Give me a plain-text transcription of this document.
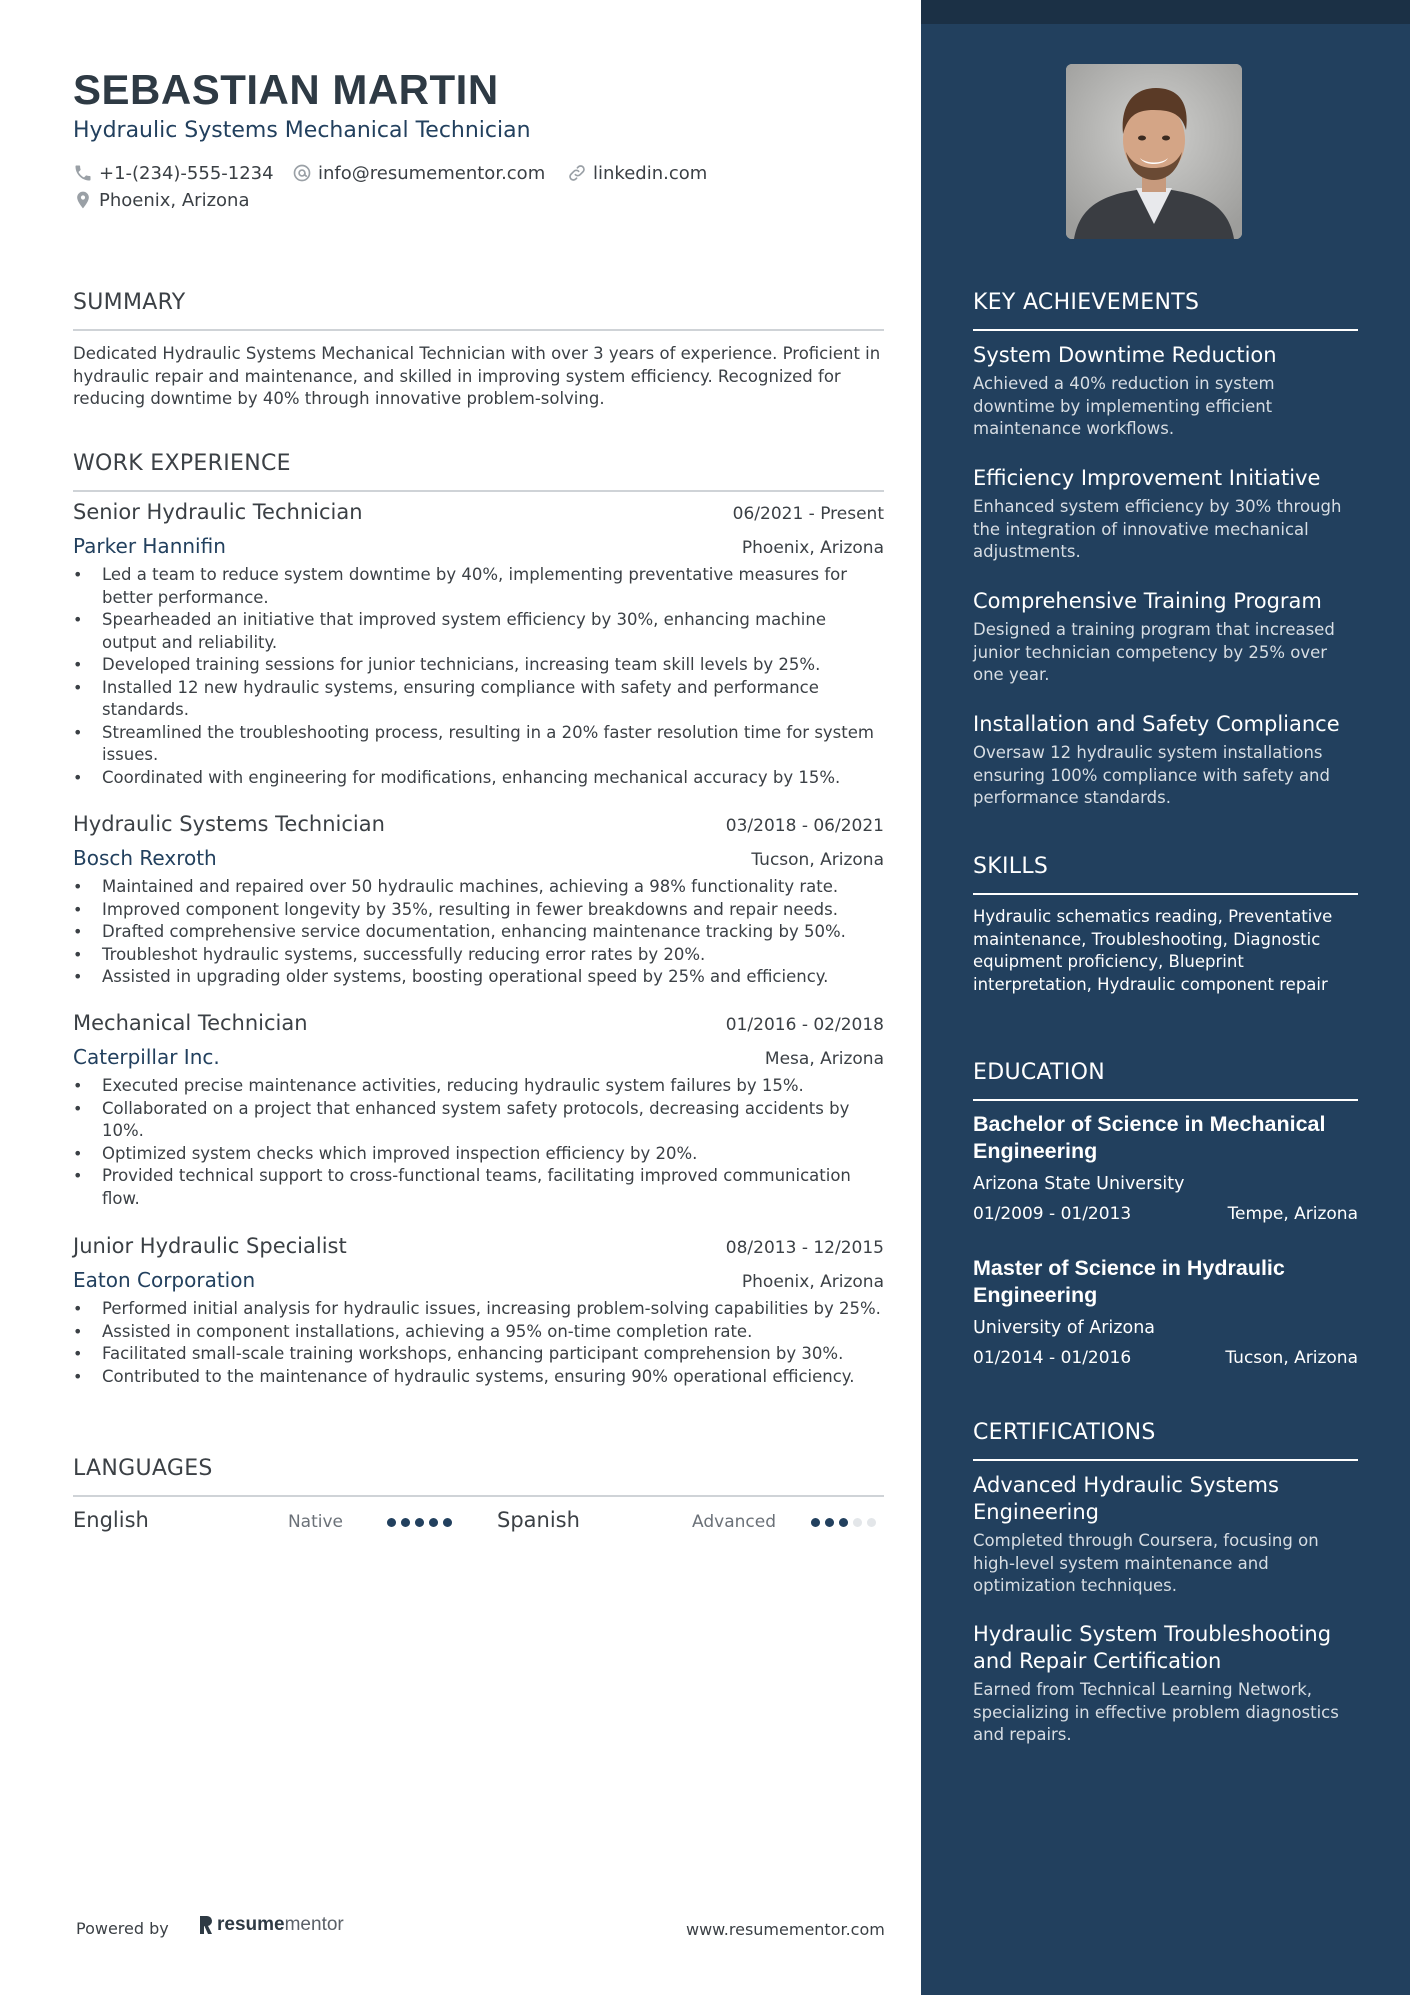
SEBASTIAN MARTIN
Hydraulic Systems Mechanical Technician
+1-(234)-555-1234 info@resumementor.com	linkedin.com
Phoenix, Arizona
SUMMARY
Dedicated Hydraulic Systems Mechanical Technician with over 3 years of experience. Proficient in hydraulic repair and maintenance, and skilled in improving system efficiency. Recognized for reducing downtime by 40% through innovative problem-solving.
WORK EXPERIENCE
Senior Hydraulic Technician	06/2021 - Present
Parker Hannifin	Phoenix, Arizona
• Led a team to reduce system downtime by 40%, implementing preventative measures for better performance.
• Spearheaded an initiative that improved system efficiency by 30%, enhancing machine output and reliability.
• Developed training sessions for junior technicians, increasing team skill levels by 25%.
• Installed 12 new hydraulic systems, ensuring compliance with safety and performance standards.
• Streamlined the troubleshooting process, resulting in a 20% faster resolution time for system issues.
• Coordinated with engineering for modifications, enhancing mechanical accuracy by 15%.
Hydraulic Systems Technician	03/2018 - 06/2021
Bosch Rexroth	Tucson, Arizona
• Maintained and repaired over 50 hydraulic machines, achieving a 98% functionality rate.
• Improved component longevity by 35%, resulting in fewer breakdowns and repair needs.
• Drafted comprehensive service documentation, enhancing maintenance tracking by 50%.
• Troubleshot hydraulic systems, successfully reducing error rates by 20%.
• Assisted in upgrading older systems, boosting operational speed by 25% and efficiency.
Mechanical Technician	01/2016 - 02/2018
Caterpillar Inc.	Mesa, Arizona
• Executed precise maintenance activities, reducing hydraulic system failures by 15%.
• Collaborated on a project that enhanced system safety protocols, decreasing accidents by 10%.
• Optimized system checks which improved inspection efficiency by 20%.
• Provided technical support to cross-functional teams, facilitating improved communication flow.
Junior Hydraulic Specialist	08/2013 - 12/2015
Eaton Corporation	Phoenix, Arizona
• Performed initial analysis for hydraulic issues, increasing problem-solving capabilities by 25%.
• Assisted in component installations, achieving a 95% on-time completion rate.
• Facilitated small-scale training workshops, enhancing participant comprehension by 30%.
• Contributed to the maintenance of hydraulic systems, ensuring 90% operational efficiency.
LANGUAGES
English	Native	Spanish	Advanced
Powered by	resumementor	www.resumementor.com
KEY ACHIEVEMENTS
System Downtime Reduction
Achieved a 40% reduction in system downtime by implementing efficient maintenance workflows.
Efficiency Improvement Initiative
Enhanced system efficiency by 30% through the integration of innovative mechanical adjustments.
Comprehensive Training Program
Designed a training program that increased junior technician competency by 25% over one year.
Installation and Safety Compliance
Oversaw 12 hydraulic system installations ensuring 100% compliance with safety and performance standards.
SKILLS
Hydraulic schematics reading, Preventative maintenance, Troubleshooting, Diagnostic equipment proficiency, Blueprint interpretation, Hydraulic component repair
EDUCATION
Bachelor of Science in Mechanical Engineering
Arizona State University
01/2009 - 01/2013	Tempe, Arizona
Master of Science in Hydraulic Engineering
University of Arizona
01/2014 - 01/2016	Tucson, Arizona
CERTIFICATIONS
Advanced Hydraulic Systems Engineering
Completed through Coursera, focusing on high-level system maintenance and optimization techniques.
Hydraulic System Troubleshooting and Repair Certification
Earned from Technical Learning Network, specializing in effective problem diagnostics and repairs.
